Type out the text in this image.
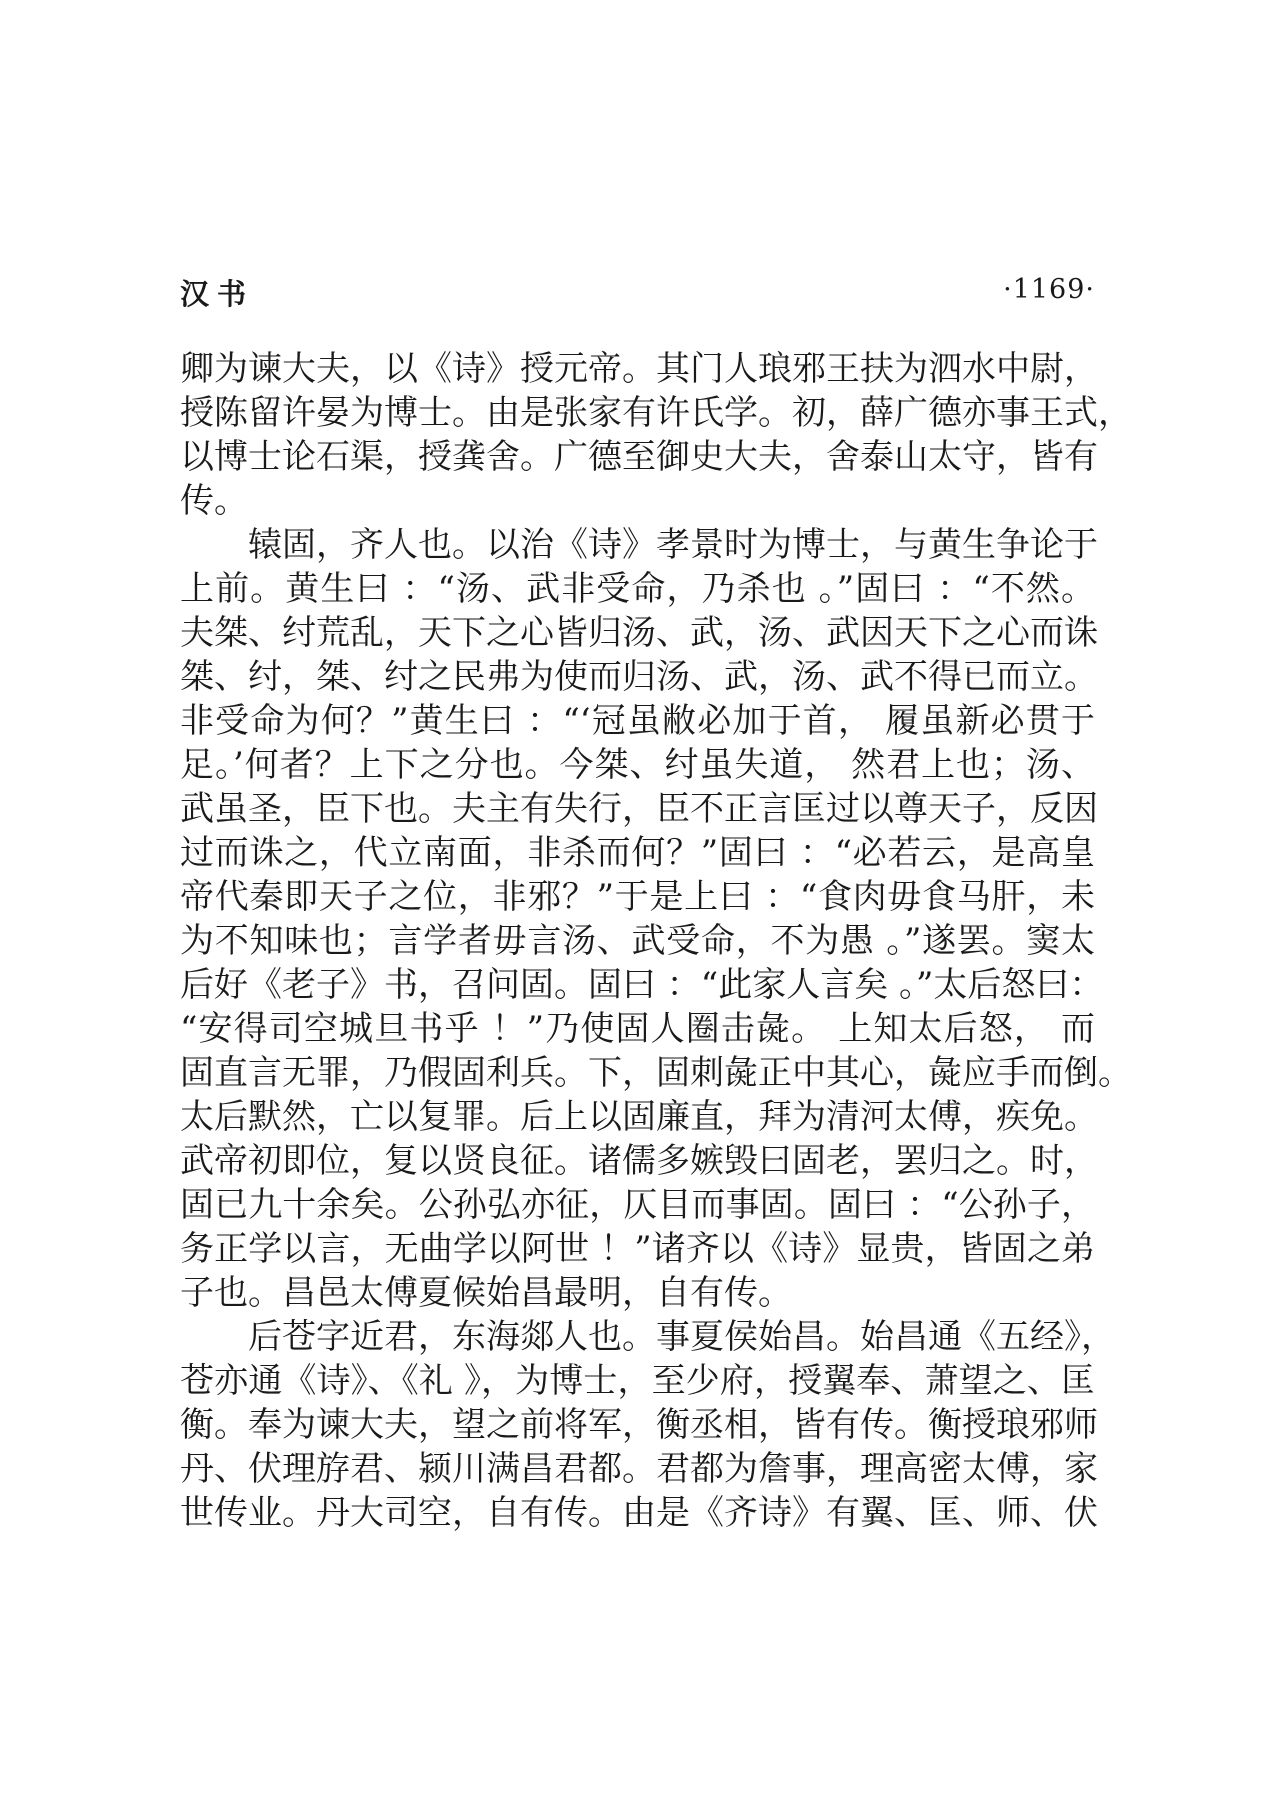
汉书	·1169·
卿为谏大夫，以《诗》授元帝。其门人琅邪王扶为泗水中尉，
授陈留许晏为博士。由是张家有许氏学。初，薛广德亦事王式，
以博士论石渠，授龚舍。广德至御史大夫，舍泰山太守，皆有
传。
辕固，齐人也。以治《诗》孝景时为博士，与黄生争论于
上前。黄生曰 ：“汤、武非受命，乃杀也 。”固曰 ：“不然。
夫桀、纣荒乱，天下之心皆归汤、武，汤、武因天下之心而诛
桀、纣，桀、纣之民弗为使而归汤、武，汤、武不得已而立。
非受命为何？”黄生曰 ：“‘冠虽敝必加于首， 履虽新必贯于
足。’何者？上下之分也。今桀、纣虽失道， 然君上也；汤、
武虽圣，臣下也。夫主有失行，臣不正言匡过以尊天子，反因
过而诛之，代立南面，非杀而何？”固曰 ：“必若云，是高皇
帝代秦即天子之位，非邪？”于是上曰 ：“食肉毋食马肝，未
为不知味也；言学者毋言汤、武受命，不为愚 。”遂罢。窦太
后好《老子》书，召问固。固曰 ：“此家人言矣 。”太后怒曰：
“安得司空城旦书乎 ！”乃使固人圈击彘。 上知太后怒， 而
固直言无罪，乃假固利兵。下，固刺彘正中其心，彘应手而倒。
太后默然，亡以复罪。后上以固廉直，拜为清河太傅，疾免。
武帝初即位，复以贤良征。诸儒多嫉毁曰固老，罢归之。时，
固已九十余矣。公孙弘亦征，仄目而事固。固曰 ：“公孙子，
务正学以言，无曲学以阿世 ！”诸齐以《诗》显贵，皆固之弟
子也。昌邑太傅夏候始昌最明，自有传。
后苍字近君，东海郯人也。事夏侯始昌。始昌通《五经》，
苍亦通《诗》、《礼 》，为博士，至少府，授翼奉、萧望之、匡
衡。奉为谏大夫，望之前将军，衡丞相，皆有传。衡授琅邪师
丹、伏理斿君、颍川满昌君都。君都为詹事，理高密太傅，家
世传业。丹大司空，自有传。由是《齐诗》有翼、匡、师、伏
